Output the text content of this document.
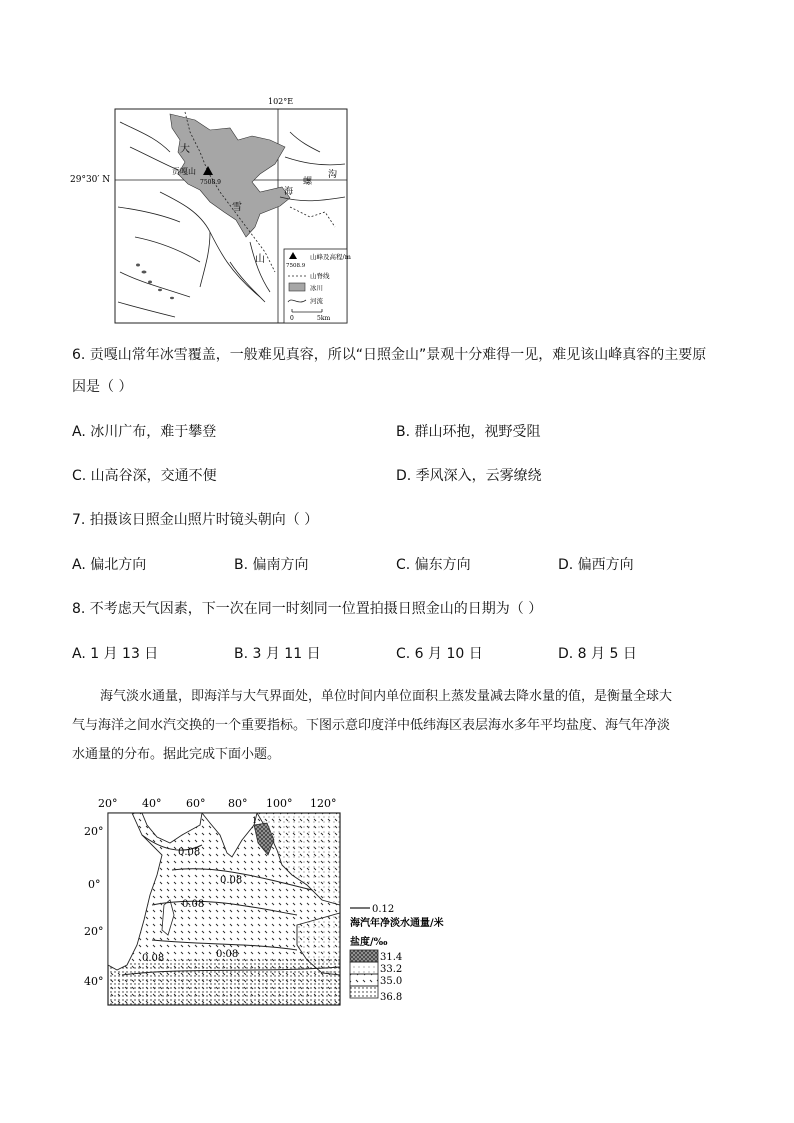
102°E
29°30′ N
贡嘎山
7508.9
大
雪
山
海
螺
沟
7508.9
山峰及高程/m
山脊线
冰川
河流
0	5km
6. 贡嘎山常年冰雪覆盖，一般难见真容，所以“日照金山”景观十分难得一见，难见该山峰真容的主要原
因是（ ）
A. 冰川广布，难于攀登	B. 群山环抱，视野受阻
C. 山高谷深，交通不便	D. 季风深入，云雾缭绕
7. 拍摄该日照金山照片时镜头朝向（ ）
A. 偏北方向	B. 偏南方向	C. 偏东方向	D. 偏西方向
8. 不考虑天气因素，下一次在同一时刻同一位置拍摄日照金山的日期为（ ）
A. 1 月 13 日	B. 3 月 11 日	C. 6 月 10 日	D. 8 月 5 日
海气淡水通量，即海洋与大气界面处，单位时间内单位面积上蒸发量减去降水量的值，是衡量全球大
气与海洋之间水汽交换的一个重要指标。下图示意印度洋中低纬海区表层海水多年平均盐度、海气年净淡
水通量的分布。据此完成下面小题。
20° 40° 60° 80° 100° 120°
20°
0°
20°
40°
0.08
0.08
0.08
0.08	0.08
1
0.12
海汽年净淡水通量/米
盐度/‰
31.4
33.2
35.0
36.8
